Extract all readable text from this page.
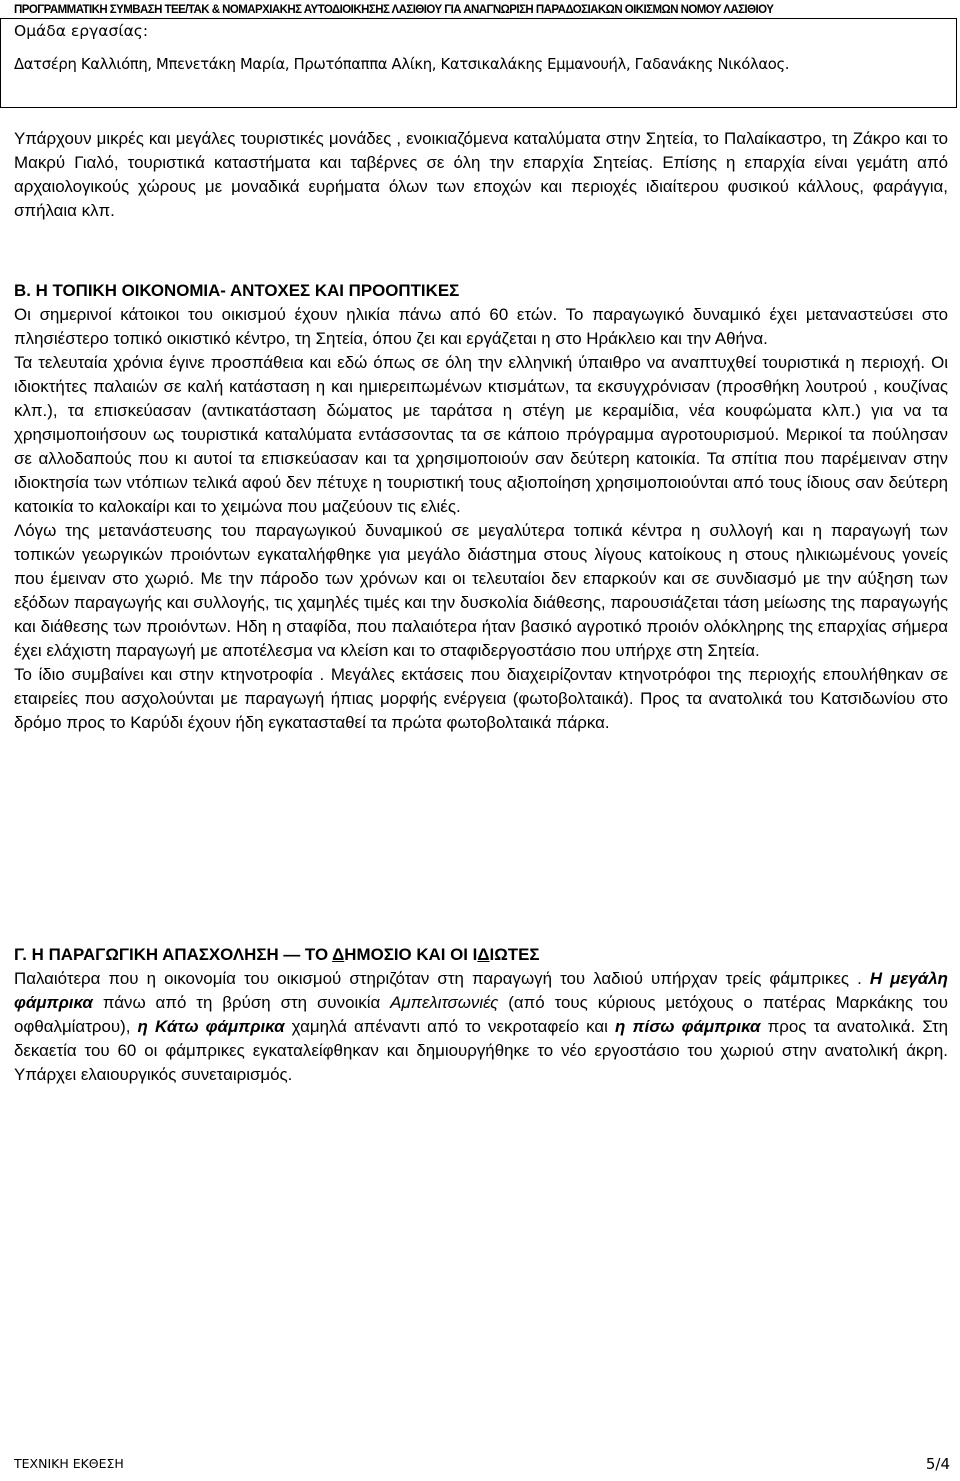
ΠΡΟΓΡΑΜΜΑΤΙΚΗ ΣΥΜΒΑΣΗ ΤΕΕ/ΤΑΚ & ΝΟΜΑΡΧΙΑΚΗΣ ΑΥΤΟΔΙΟΙΚΗΣΗΣ ΛΑΣΙΘΙΟΥ ΓΙΑ ΑΝΑΓΝΩΡΙΣΗ ΠΑΡΑΔΟΣΙΑΚΩΝ ΟΙΚΙΣΜΩΝ ΝΟΜΟΥ ΛΑΣΙΘΙΟΥ
Ομάδα εργασίας:
Δατσέρη Καλλιόπη, Μπενετάκη Μαρία, Πρωτόπαππα Αλίκη, Κατσικαλάκης Εμμανουήλ, Γαδανάκης Νικόλαος.

Υπάρχουν μικρές και μεγάλες τουριστικές μονάδες , ενοικιαζόμενα καταλύματα στην Σητεία, το Παλαίκαστρο, τη Ζάκρο και το Μακρύ Γιαλό, τουριστικά καταστήματα και ταβέρνες σε όλη την επαρχία Σητείας. Επίσης η επαρχία είναι γεμάτη από αρχαιολογικούς χώρους με μοναδικά ευρήματα όλων των εποχών και περιοχές ιδιαίτερου φυσικού κάλλους, φαράγγια, σπήλαια κλπ.

Β. Η ΤΟΠΙΚΗ ΟΙΚΟΝΟΜΙΑ- ΑΝΤΟΧΕΣ ΚΑΙ ΠΡΟΟΠΤΙΚΕΣ

Οι σημερινοί κάτοικοι του οικισμού έχουν ηλικία πάνω από 60 ετών. Το παραγωγικό δυναμικό έχει μεταναστεύσει στο πλησιέστερο τοπικό οικιστικό κέντρο, τη Σητεία, όπου ζει και εργάζεται η στο Ηράκλειο και την Αθήνα.

Τα τελευταία χρόνια έγινε προσπάθεια και εδώ όπως σε όλη την ελληνική ύπαιθρο να αναπτυχθεί τουριστικά η περιοχή. Οι ιδιοκτήτες παλαιών σε καλή κατάσταση η και ημιερειπωμένων κτισμάτων, τα εκσυγχρόνισαν (προσθήκη λουτρού , κουζίνας κλπ.), τα επισκεύασαν (αντικατάσταση δώματος με ταράτσα η στέγη με κεραμίδια, νέα κουφώματα κλπ.) για να τα χρησιμοποιήσουν ως τουριστικά καταλύματα εντάσσοντας τα σε κάποιο πρόγραμμα αγροτουρισμού. Μερικοί τα πούλησαν σε αλλοδαπούς που κι αυτοί τα επισκεύασαν και τα χρησιμοποιούν σαν δεύτερη κατοικία. Τα σπίτια που παρέμειναν στην ιδιοκτησία των ντόπιων τελικά αφού δεν πέτυχε η τουριστική τους αξιοποίηση χρησιμοποιούνται από τους ίδιους σαν δεύτερη κατοικία το καλοκαίρι και το χειμώνα που μαζεύουν τις ελιές.

Λόγω της μετανάστευσης του παραγωγικού δυναμικού σε μεγαλύτερα τοπικά κέντρα η συλλογή και η παραγωγή των τοπικών γεωργικών προιόντων εγκαταλήφθηκε για μεγάλο διάστημα στους λίγους κατοίκους η στους ηλικιωμένους γονείς που έμειναν στο χωριό. Με την πάροδο των χρόνων και οι τελευταίοι δεν επαρκούν και σε συνδιασμό με την αύξηση των εξόδων παραγωγής και συλλογής, τις χαμηλές τιμές και την δυσκολία διάθεσης, παρουσιάζεται τάση μείωσης της παραγωγής και διάθεσης των προιόντων. Ηδη η σταφίδα, που παλαιότερα ήταν βασικό αγροτικό προιόν ολόκληρης της επαρχίας σήμερα έχει ελάχιστη παραγωγή με αποτέλεσμα να κλείσn και το σταφιδεργοστάσιο που υπήρχε στη Σητεία.

Το ίδιο συμβαίνει και στην κτηνοτροφία . Μεγάλες εκτάσεις που διαχειρίζονταν κτηνοτρόφοι της περιοχής επουλήθηκαν σε εταιρείες που ασχολούνται με παραγωγή ήπιας μορφής ενέργεια (φωτοβολταικά). Προς τα ανατολικά του Κατσιδωνίου στο δρόμο προς το Καρύδι έχουν ήδη εγκατασταθεί τα πρώτα φωτοβολταικά πάρκα.

Γ. Η ΠΑΡΑΓΩΓΙΚΗ ΑΠΑΣΧΟΛΗΣΗ — ΤΟ ΔΗΜΟΣΙΟ ΚΑΙ ΟΙ ΙΔΙΩΤΕΣ

Παλαιότερα που η οικονομία του οικισμού στηριζόταν στη παραγωγή του λαδιού υπήρχαν τρείς φάμπρικες . Η μεγάλη φάμπρικα πάνω από τη βρύση στη συνοικία Αμπελιτσωνιές (από τους κύριους μετόχους ο πατέρας Μαρκάκης του οφθαλμίατρου), η Κάτω φάμπρικα χαμηλά απέναντι από το νεκροταφείο και η πίσω φάμπρικα προς τα ανατολικά. Στη δεκαετία του 60 οι φάμπρικες εγκαταλείφθηκαν και δημιουργήθηκε το νέο εργοστάσιο του χωριού στην ανατολική άκρη. Υπάρχει ελαιουργικός συνεταιρισμός.

ΤΕΧΝΙΚΗ ΕΚΘΕΣΗ	5/4
